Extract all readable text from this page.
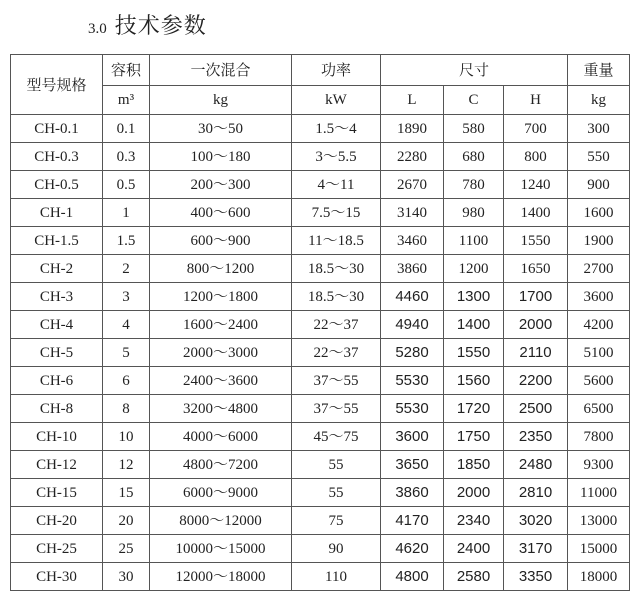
3.0 技术参数
型号规格	容积	一次混合	功率	尺寸			重量
	m³	kg	kW	L	C	H	kg
CH-0.1	0.1	30～50	1.5～4	1890	580	700	300
CH-0.3	0.3	100～180	3～5.5	2280	680	800	550
CH-0.5	0.5	200～300	4～11	2670	780	1240	900
CH-1	1	400～600	7.5～15	3140	980	1400	1600
CH-1.5	1.5	600～900	11～18.5	3460	1100	1550	1900
CH-2	2	800～1200	18.5～30	3860	1200	1650	2700
CH-3	3	1200～1800	18.5～30	4460	1300	1700	3600
CH-4	4	1600～2400	22～37	4940	1400	2000	4200
CH-5	5	2000～3000	22～37	5280	1550	2110	5100
CH-6	6	2400～3600	37～55	5530	1560	2200	5600
CH-8	8	3200～4800	37～55	5530	1720	2500	6500
CH-10	10	4000～6000	45～75	3600	1750	2350	7800
CH-12	12	4800～7200	55	3650	1850	2480	9300
CH-15	15	6000～9000	55	3860	2000	2810	11000
CH-20	20	8000～12000	75	4170	2340	3020	13000
CH-25	25	10000～15000	90	4620	2400	3170	15000
CH-30	30	12000～18000	110	4800	2580	3350	18000
